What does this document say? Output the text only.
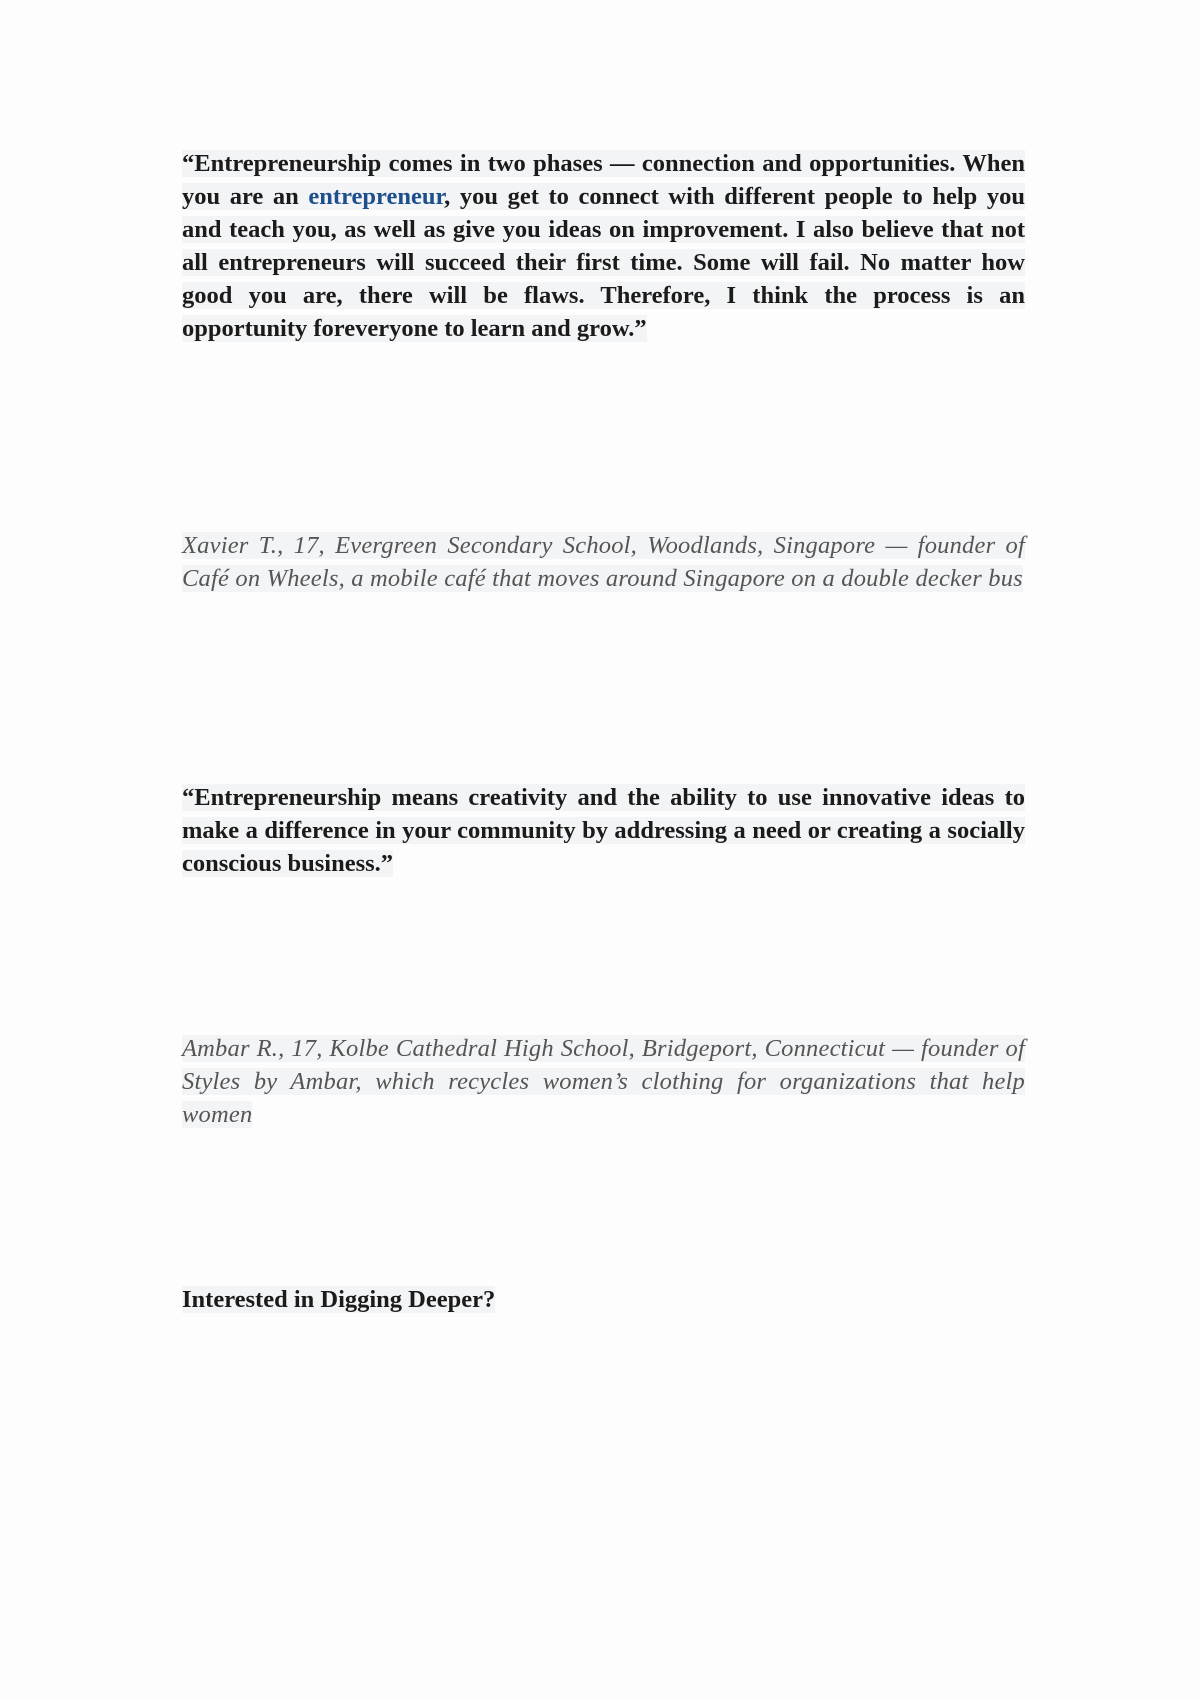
“Entrepreneurship comes in two phases — connection and opportunities. When you are an entrepreneur, you get to connect with different people to help you and teach you, as well as give you ideas on improvement. I also believe that not all entrepreneurs will succeed their first time. Some will fail. No matter how good you are, there will be flaws. Therefore, I think the process is an opportunity foreveryone to learn and grow.”
Xavier T., 17, Evergreen Secondary School, Woodlands, Singapore — founder of Café on Wheels, a mobile café that moves around Singapore on a double decker bus
“Entrepreneurship means creativity and the ability to use innovative ideas to make a difference in your community by addressing a need or creating a socially conscious business.”
Ambar R., 17, Kolbe Cathedral High School, Bridgeport, Connecticut — founder of Styles by Ambar, which recycles women’s clothing for organizations that help women
Interested in Digging Deeper?
